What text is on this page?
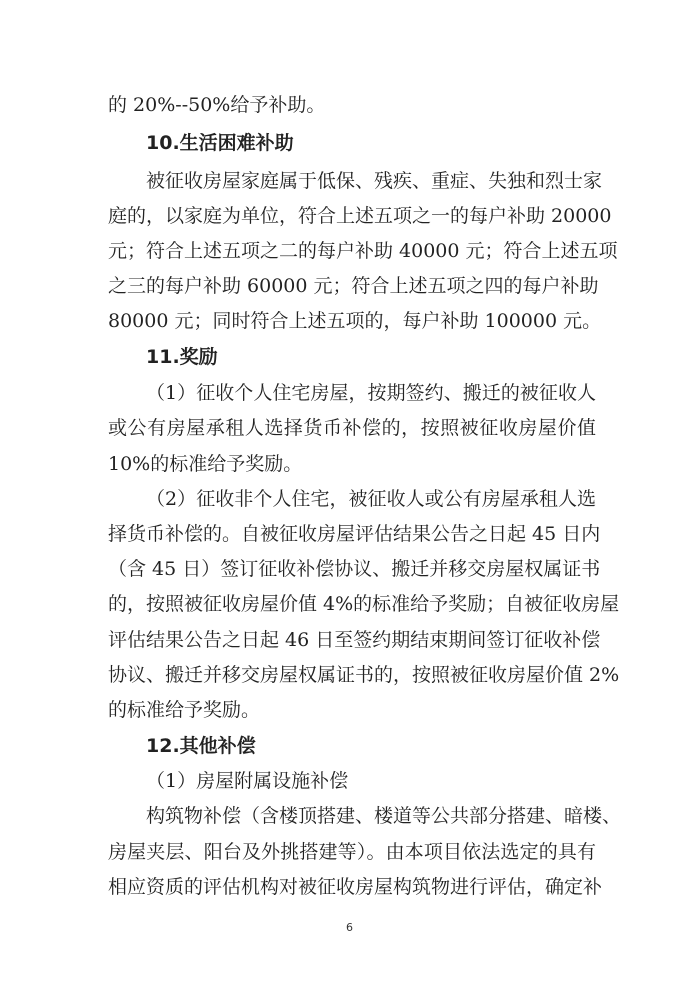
的 20%--50%给予补助。
10.生活困难补助
被征收房屋家庭属于低保、残疾、重症、失独和烈士家
庭的，以家庭为单位，符合上述五项之一的每户补助 20000
元；符合上述五项之二的每户补助 40000 元；符合上述五项
之三的每户补助 60000 元；符合上述五项之四的每户补助
80000 元；同时符合上述五项的，每户补助 100000 元。
11.奖励
（1）征收个人住宅房屋，按期签约、搬迁的被征收人
或公有房屋承租人选择货币补偿的，按照被征收房屋价值
10%的标准给予奖励。
（2）征收非个人住宅，被征收人或公有房屋承租人选
择货币补偿的。自被征收房屋评估结果公告之日起 45 日内
（含 45 日）签订征收补偿协议、搬迁并移交房屋权属证书
的，按照被征收房屋价值 4%的标准给予奖励；自被征收房屋
评估结果公告之日起 46 日至签约期结束期间签订征收补偿
协议、搬迁并移交房屋权属证书的，按照被征收房屋价值 2%
的标准给予奖励。
12.其他补偿
（1）房屋附属设施补偿
构筑物补偿（含楼顶搭建、楼道等公共部分搭建、暗楼、
房屋夹层、阳台及外挑搭建等）。由本项目依法选定的具有
相应资质的评估机构对被征收房屋构筑物进行评估，确定补
6
